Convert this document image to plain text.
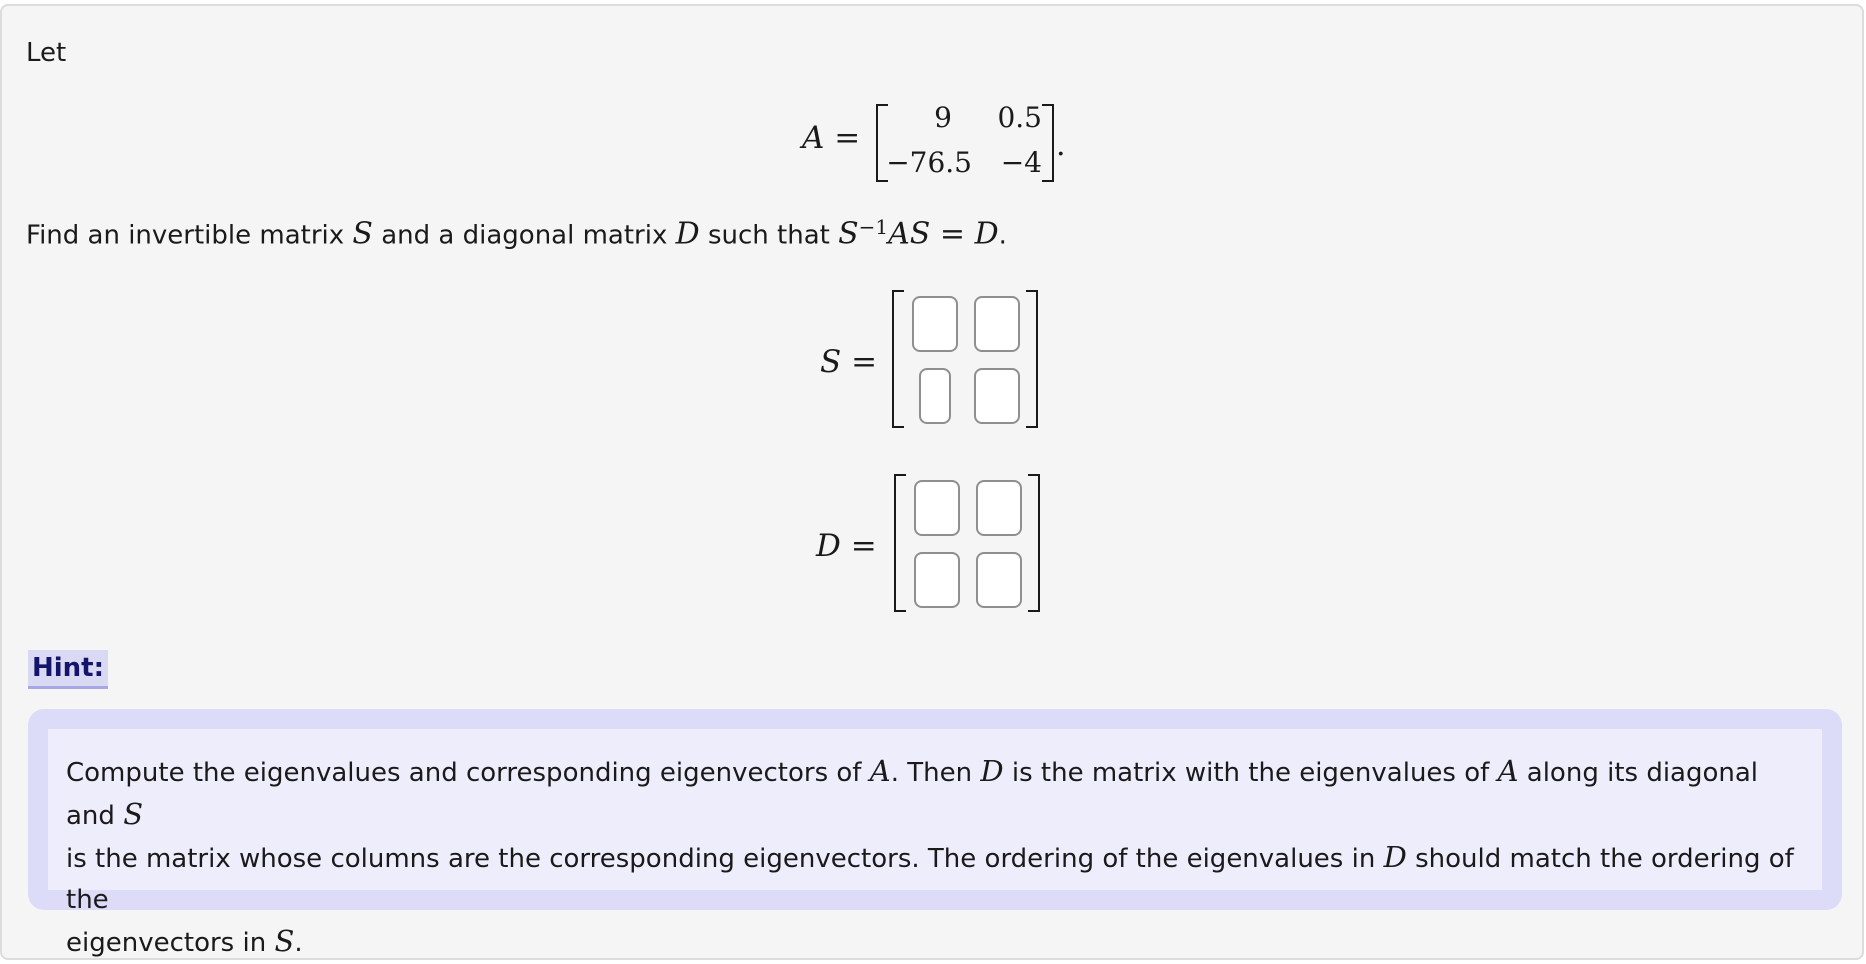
Let
A =
9	0.5
−76.5	−4 .
Find an invertible matrix S and a diagonal matrix D such that $S^{-1}AS = D$.
S =
D =
Hint:
Compute the eigenvalues and corresponding eigenvectors of A. Then D is the matrix with the eigenvalues of A along its diagonal and S
is the matrix whose columns are the corresponding eigenvectors. The ordering of the eigenvalues in D should match the ordering of the
eigenvectors in S.
